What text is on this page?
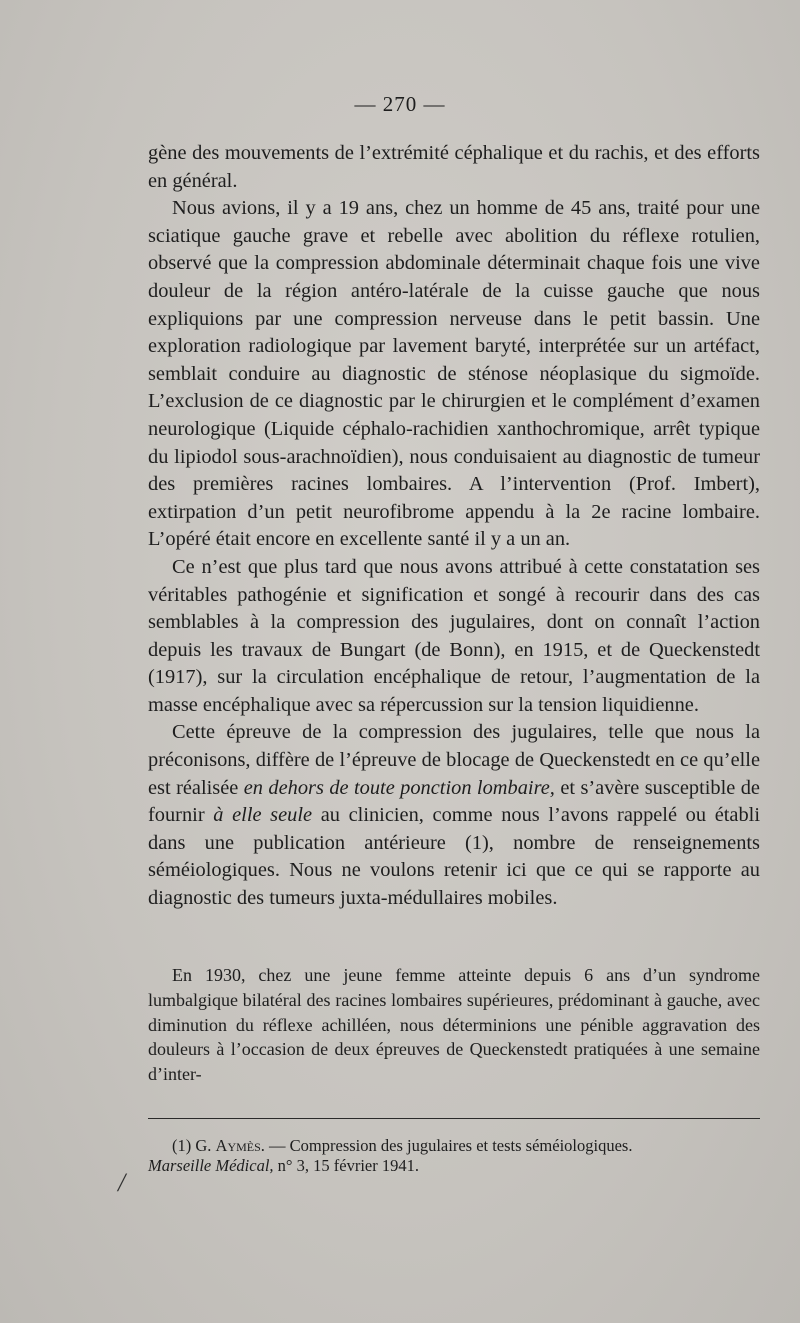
— 270 —

gène des mouvements de l’extrémité céphalique et du rachis, et des efforts en général.

Nous avions, il y a 19 ans, chez un homme de 45 ans, traité pour une sciatique gauche grave et rebelle avec abolition du réflexe rotulien, observé que la compression abdominale déterminait chaque fois une vive douleur de la région antéro-latérale de la cuisse gauche que nous expliquions par une compression nerveuse dans le petit bassin. Une exploration radiologique par lavement baryté, interprétée sur un artéfact, semblait conduire au diagnostic de sténose néoplasique du sigmoïde. L’exclusion de ce diagnostic par le chirurgien et le complément d’examen neurologique (Liquide céphalo-rachidien xanthochromique, arrêt typique du lipiodol sous-arachnoïdien), nous conduisaient au diagnostic de tumeur des premières racines lombaires. A l’intervention (Prof. Imbert), extirpation d’un petit neurofibrome appendu à la 2e racine lombaire. L’opéré était encore en excellente santé il y a un an.

Ce n’est que plus tard que nous avons attribué à cette constatation ses véritables pathogénie et signification et songé à recourir dans des cas semblables à la compression des jugulaires, dont on connaît l’action depuis les travaux de Bungart (de Bonn), en 1915, et de Queckenstedt (1917), sur la circulation encéphalique de retour, l’augmentation de la masse encéphalique avec sa répercussion sur la tension liquidienne.

Cette épreuve de la compression des jugulaires, telle que nous la préconisons, diffère de l’épreuve de blocage de Queckenstedt en ce qu’elle est réalisée en dehors de toute ponction lombaire, et s’avère susceptible de fournir à elle seule au clinicien, comme nous l’avons rappelé ou établi dans une publication antérieure (1), nombre de renseignements séméiologiques. Nous ne voulons retenir ici que ce qui se rapporte au diagnostic des tumeurs juxta-médullaires mobiles.

En 1930, chez une jeune femme atteinte depuis 6 ans d’un syndrome lumbalgique bilatéral des racines lombaires supérieures, prédominant à gauche, avec diminution du réflexe achilléen, nous déterminions une pénible aggravation des douleurs à l’occasion de deux épreuves de Queckenstedt pratiquées à une semaine d’inter-

(1) G. Aymès. — Compression des jugulaires et tests séméiologiques.
Marseille Médical, n° 3, 15 février 1941.

/
